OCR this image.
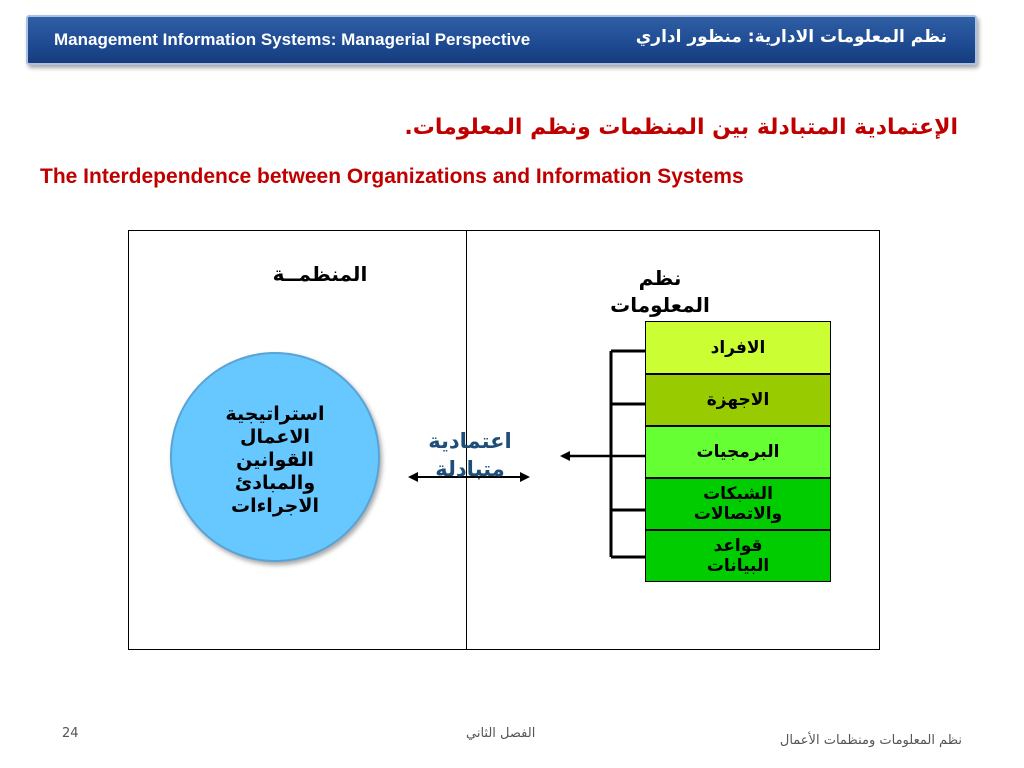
Management Information Systems: Managerial Perspective	نظم المعلومات الادارية: منظور اداري
الإعتمادية المتبادلة بين المنظمات ونظم المعلومات.
The Interdependence between Organizations and Information Systems
المنظمــة	نظم
المعلومات
استراتيجية
الاعمال
القوانين
والمبادئ
الاجراءات
اعتمادية
متبادلة
الافراد
الاجهزة
البرمجيات
الشبكات
والاتصالات
قواعد
البيانات
24	الفصل الثاني	نظم المعلومات ومنظمات الأعمال
